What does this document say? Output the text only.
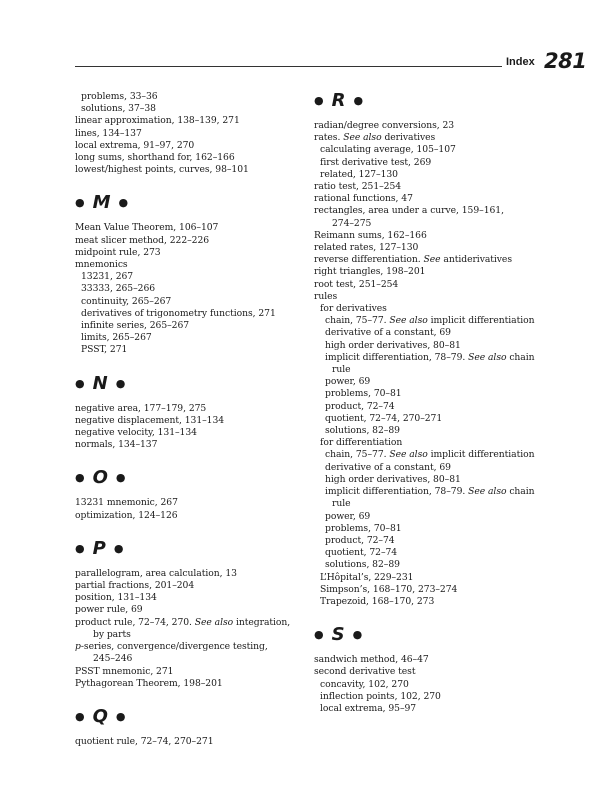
Index 281
problems, 33–36
solutions, 37–38
linear approximation, 138–139, 271
lines, 134–137
local extrema, 91–97, 270
long sums, shorthand for, 162–166
lowest/highest points, curves, 98–101
● M ●
Mean Value Theorem, 106–107
meat slicer method, 222–226
midpoint rule, 273
mnemonics
13231, 267
33333, 265–266
continuity, 265–267
derivatives of trigonometry functions, 271
infinite series, 265–267
limits, 265–267
PSST, 271
● N ●
negative area, 177–179, 275
negative displacement, 131–134
negative velocity, 131–134
normals, 134–137
● O ●
13231 mnemonic, 267
optimization, 124–126
● P ●
parallelogram, area calculation, 13
partial fractions, 201–204
position, 131–134
power rule, 69
product rule, 72–74, 270. See also integration,
by parts
p-series, convergence/divergence testing,
245–246
PSST mnemonic, 271
Pythagorean Theorem, 198–201
● Q ●
quotient rule, 72–74, 270–271
● R ●
radian/degree conversions, 23
rates. See also derivatives
calculating average, 105–107
first derivative test, 269
related, 127–130
ratio test, 251–254
rational functions, 47
rectangles, area under a curve, 159–161,
274–275
Reimann sums, 162–166
related rates, 127–130
reverse differentiation. See antiderivatives
right triangles, 198–201
root test, 251–254
rules
for derivatives
chain, 75–77. See also implicit differentiation
derivative of a constant, 69
high order derivatives, 80–81
implicit differentiation, 78–79. See also chain
rule
power, 69
problems, 70–81
product, 72–74
quotient, 72–74, 270–271
solutions, 82–89
for differentiation
chain, 75–77. See also implicit differentiation
derivative of a constant, 69
high order derivatives, 80–81
implicit differentiation, 78–79. See also chain
rule
power, 69
problems, 70–81
product, 72–74
quotient, 72–74
solutions, 82–89
L’Hôpital’s, 229–231
Simpson’s, 168–170, 273–274
Trapezoid, 168–170, 273
● S ●
sandwich method, 46–47
second derivative test
concavity, 102, 270
inflection points, 102, 270
local extrema, 95–97
